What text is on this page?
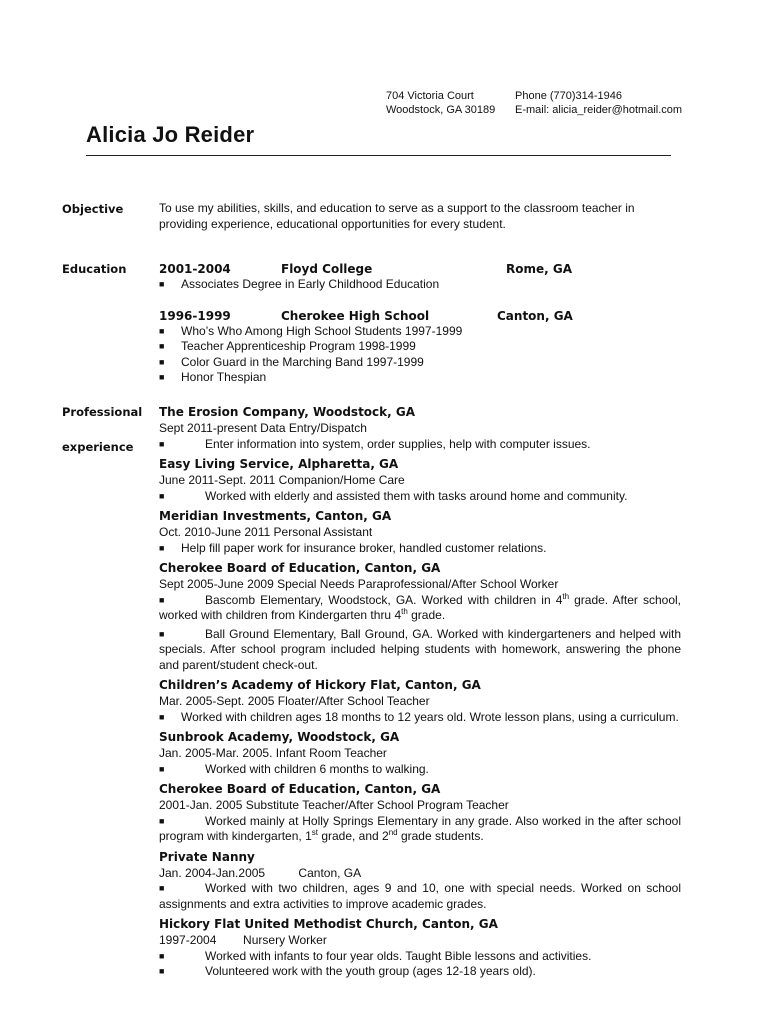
704 Victoria Court
Woodstock, GA 30189
Phone (770)314-1946
E-mail: alicia_reider@hotmail.com
Alicia Jo Reider
Objective	To use my abilities, skills, and education to serve as a support to the classroom teacher in
providing experience, educational opportunities for every student.
Education	2001-2004	Floyd College	Rome, GA
■ Associates Degree in Early Childhood Education
1996-1999	Cherokee High School	Canton, GA
■ Who’s Who Among High School Students 1997-1999
■ Teacher Apprenticeship Program 1998-1999
■ Color Guard in the Marching Band 1997-1999
■ Honor Thespian
Professional
experience
The Erosion Company, Woodstock, GA
Sept 2011-present Data Entry/Dispatch
■	Enter information into system, order supplies, help with computer issues.
Easy Living Service, Alpharetta, GA
June 2011-Sept. 2011 Companion/Home Care
■	Worked with elderly and assisted them with tasks around home and community.
Meridian Investments, Canton, GA
Oct. 2010-June 2011 Personal Assistant
■ Help fill paper work for insurance broker, handled customer relations.
Cherokee Board of Education, Canton, GA
Sept 2005-June 2009 Special Needs Paraprofessional/After School Worker
■	Bascomb Elementary, Woodstock, GA. Worked with children in 4th grade. After school, worked with children from Kindergarten thru 4th grade.
■	Ball Ground Elementary, Ball Ground, GA. Worked with kindergarteners and helped with specials. After school program included helping students with homework, answering the phone and parent/student check-out.
Children’s Academy of Hickory Flat, Canton, GA
Mar. 2005-Sept. 2005 Floater/After School Teacher
■ Worked with children ages 18 months to 12 years old. Wrote lesson plans, using a curriculum.
Sunbrook Academy, Woodstock, GA
Jan. 2005-Mar. 2005. Infant Room Teacher
■	Worked with children 6 months to walking.
Cherokee Board of Education, Canton, GA
2001-Jan. 2005 Substitute Teacher/After School Program Teacher
■	Worked mainly at Holly Springs Elementary in any grade. Also worked in the after school program with kindergarten, 1st grade, and 2nd grade students.
Private Nanny
Jan. 2004-Jan.2005          Canton, GA
■	Worked with two children, ages 9 and 10, one with special needs. Worked on school assignments and extra activities to improve academic grades.
Hickory Flat United Methodist Church, Canton, GA
1997-2004        Nursery Worker
■	Worked with infants to four year olds. Taught Bible lessons and activities.
■	Volunteered work with the youth group (ages 12-18 years old).
